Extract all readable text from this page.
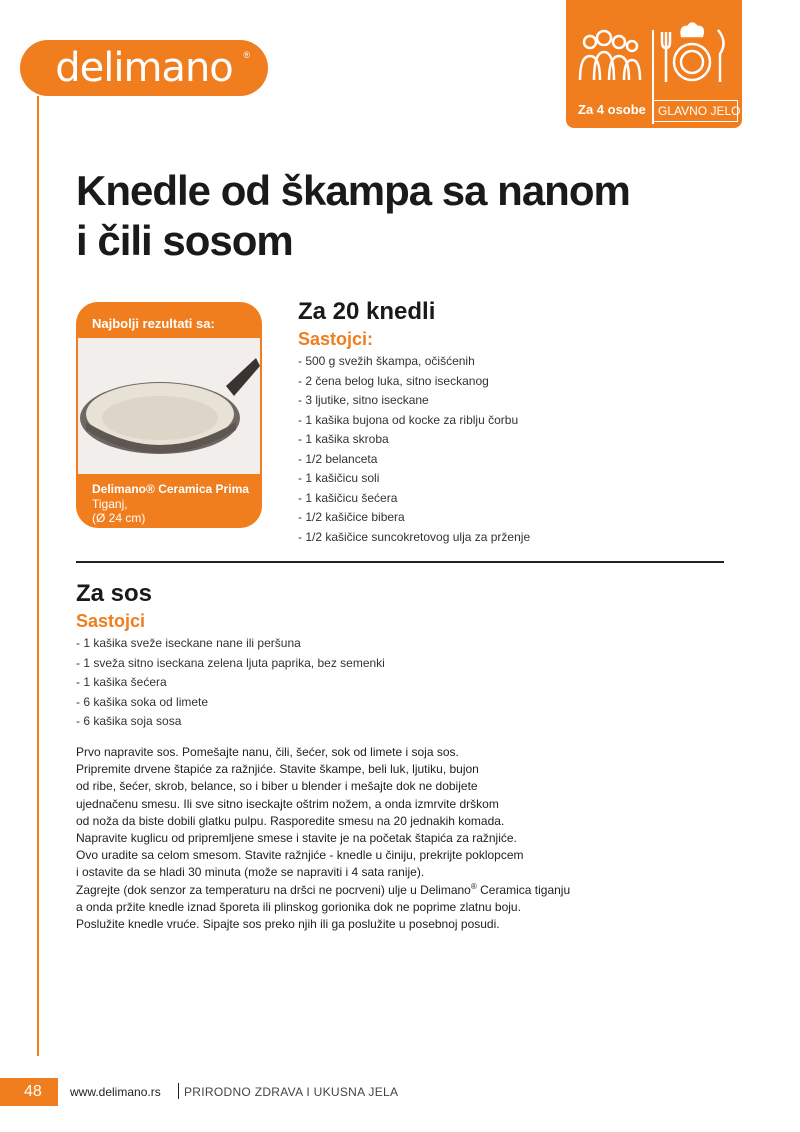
delimano ®
Za 4 osobe	GLAVNO JELO
Knedle od škampa sa nanom
i čili sosom
Najbolji rezultati sa:
Delimano® Ceramica Prima
Tiganj,
(Ø 24 cm)
Za 20 knedli
Sastojci:
- 500 g svežih škampa, očišćenih
- 2 čena belog luka, sitno iseckanog
- 3 ljutike, sitno iseckane
- 1 kašika bujona od kocke za riblju čorbu
- 1 kašika skroba
- 1/2 belanceta
- 1 kašičicu soli
- 1 kašičicu šećera
- 1/2 kašičice bibera
- 1/2 kašičice suncokretovog ulja za prženje
Za sos
Sastojci
- 1 kašika sveže iseckane nane ili peršuna
- 1 sveža sitno iseckana zelena ljuta paprika, bez semenki
- 1 kašika šećera
- 6 kašika soka od limete
- 6 kašika soja sosa

Prvo napravite sos. Pomešajte nanu, čili, šećer, sok od limete i soja sos.

Pripremite drvene štapiće za ražnjiće. Stavite škampe, beli luk, ljutiku, bujon

od ribe, šećer, skrob, belance, so i biber u blender i mešajte dok ne dobijete

ujednačenu smesu. Ili sve sitno iseckajte oštrim nožem, a onda izmrvite drškom

od noža da biste dobili glatku pulpu. Rasporedite smesu na 20 jednakih komada.

Napravite kuglicu od pripremljene smese i stavite je na početak štapića za ražnjiće.

Ovo uradite sa celom smesom. Stavite ražnjiće - knedle u činiju, prekrijte poklopcem

i ostavite da se hladi 30 minuta (može se napraviti i 4 sata ranije).

Zagrejte (dok senzor za temperaturu na dršci ne pocrveni) ulje u Delimano® Ceramica tiganju

a onda pržite knedle iznad šporeta ili plinskog gorionika dok ne poprime zlatnu boju.

Poslužite knedle vruće. Sipajte sos preko njih ili ga poslužite u posebnoj posudi.

48	www.delimano.rs PRIRODNO ZDRAVA I UKUSNA JELA
